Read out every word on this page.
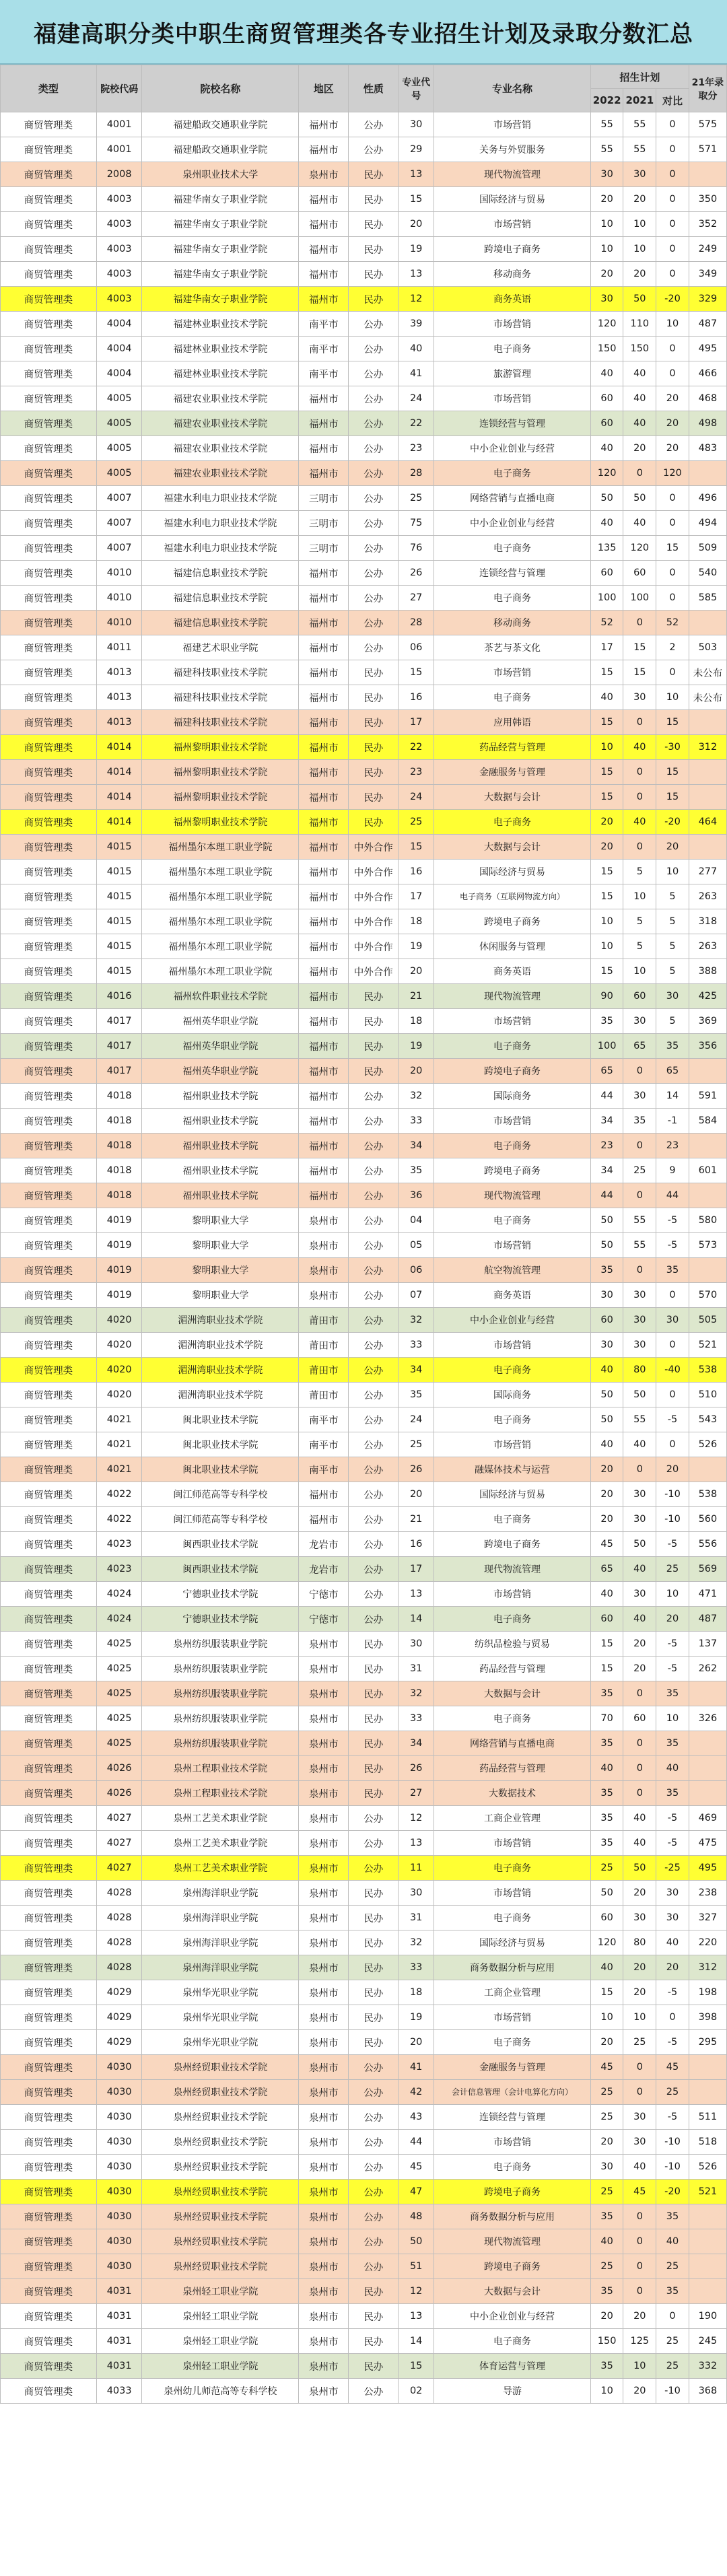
福建高职分类中职生商贸管理类各专业招生计划及录取分数汇总
类型	院校代码	院校名称	地区	性质	专业代号	专业名称	招生计划			21年录取分
							2022	2021	对比	
商贸管理类	4001	福建船政交通职业学院	福州市	公办	30	市场营销	55	55	0	575
商贸管理类	4001	福建船政交通职业学院	福州市	公办	29	关务与外贸服务	55	55	0	571
商贸管理类	2008	泉州职业技术大学	泉州市	民办	13	现代物流管理	30	30	0	
商贸管理类	4003	福建华南女子职业学院	福州市	民办	15	国际经济与贸易	20	20	0	350
商贸管理类	4003	福建华南女子职业学院	福州市	民办	20	市场营销	10	10	0	352
商贸管理类	4003	福建华南女子职业学院	福州市	民办	19	跨境电子商务	10	10	0	249
商贸管理类	4003	福建华南女子职业学院	福州市	民办	13	移动商务	20	20	0	349
商贸管理类	4003	福建华南女子职业学院	福州市	民办	12	商务英语	30	50	-20	329
商贸管理类	4004	福建林业职业技术学院	南平市	公办	39	市场营销	120	110	10	487
商贸管理类	4004	福建林业职业技术学院	南平市	公办	40	电子商务	150	150	0	495
商贸管理类	4004	福建林业职业技术学院	南平市	公办	41	旅游管理	40	40	0	466
商贸管理类	4005	福建农业职业技术学院	福州市	公办	24	市场营销	60	40	20	468
商贸管理类	4005	福建农业职业技术学院	福州市	公办	22	连锁经营与管理	60	40	20	498
商贸管理类	4005	福建农业职业技术学院	福州市	公办	23	中小企业创业与经营	40	20	20	483
商贸管理类	4005	福建农业职业技术学院	福州市	公办	28	电子商务	120	0	120	
商贸管理类	4007	福建水利电力职业技术学院	三明市	公办	25	网络营销与直播电商	50	50	0	496
商贸管理类	4007	福建水利电力职业技术学院	三明市	公办	75	中小企业创业与经营	40	40	0	494
商贸管理类	4007	福建水利电力职业技术学院	三明市	公办	76	电子商务	135	120	15	509
商贸管理类	4010	福建信息职业技术学院	福州市	公办	26	连锁经营与管理	60	60	0	540
商贸管理类	4010	福建信息职业技术学院	福州市	公办	27	电子商务	100	100	0	585
商贸管理类	4010	福建信息职业技术学院	福州市	公办	28	移动商务	52	0	52	
商贸管理类	4011	福建艺术职业学院	福州市	公办	06	茶艺与茶文化	17	15	2	503
商贸管理类	4013	福建科技职业技术学院	福州市	民办	15	市场营销	15	15	0	未公布
商贸管理类	4013	福建科技职业技术学院	福州市	民办	16	电子商务	40	30	10	未公布
商贸管理类	4013	福建科技职业技术学院	福州市	民办	17	应用韩语	15	0	15	
商贸管理类	4014	福州黎明职业技术学院	福州市	民办	22	药品经营与管理	10	40	-30	312
商贸管理类	4014	福州黎明职业技术学院	福州市	民办	23	金融服务与管理	15	0	15	
商贸管理类	4014	福州黎明职业技术学院	福州市	民办	24	大数据与会计	15	0	15	
商贸管理类	4014	福州黎明职业技术学院	福州市	民办	25	电子商务	20	40	-20	464
商贸管理类	4015	福州墨尔本理工职业学院	福州市	中外合作	15	大数据与会计	20	0	20	
商贸管理类	4015	福州墨尔本理工职业学院	福州市	中外合作	16	国际经济与贸易	15	5	10	277
商贸管理类	4015	福州墨尔本理工职业学院	福州市	中外合作	17	电子商务（互联网物流方向）	15	10	5	263
商贸管理类	4015	福州墨尔本理工职业学院	福州市	中外合作	18	跨境电子商务	10	5	5	318
商贸管理类	4015	福州墨尔本理工职业学院	福州市	中外合作	19	休闲服务与管理	10	5	5	263
商贸管理类	4015	福州墨尔本理工职业学院	福州市	中外合作	20	商务英语	15	10	5	388
商贸管理类	4016	福州软件职业技术学院	福州市	民办	21	现代物流管理	90	60	30	425
商贸管理类	4017	福州英华职业学院	福州市	民办	18	市场营销	35	30	5	369
商贸管理类	4017	福州英华职业学院	福州市	民办	19	电子商务	100	65	35	356
商贸管理类	4017	福州英华职业学院	福州市	民办	20	跨境电子商务	65	0	65	
商贸管理类	4018	福州职业技术学院	福州市	公办	32	国际商务	44	30	14	591
商贸管理类	4018	福州职业技术学院	福州市	公办	33	市场营销	34	35	-1	584
商贸管理类	4018	福州职业技术学院	福州市	公办	34	电子商务	23	0	23	
商贸管理类	4018	福州职业技术学院	福州市	公办	35	跨境电子商务	34	25	9	601
商贸管理类	4018	福州职业技术学院	福州市	公办	36	现代物流管理	44	0	44	
商贸管理类	4019	黎明职业大学	泉州市	公办	04	电子商务	50	55	-5	580
商贸管理类	4019	黎明职业大学	泉州市	公办	05	市场营销	50	55	-5	573
商贸管理类	4019	黎明职业大学	泉州市	公办	06	航空物流管理	35	0	35	
商贸管理类	4019	黎明职业大学	泉州市	公办	07	商务英语	30	30	0	570
商贸管理类	4020	湄洲湾职业技术学院	莆田市	公办	32	中小企业创业与经营	60	30	30	505
商贸管理类	4020	湄洲湾职业技术学院	莆田市	公办	33	市场营销	30	30	0	521
商贸管理类	4020	湄洲湾职业技术学院	莆田市	公办	34	电子商务	40	80	-40	538
商贸管理类	4020	湄洲湾职业技术学院	莆田市	公办	35	国际商务	50	50	0	510
商贸管理类	4021	闽北职业技术学院	南平市	公办	24	电子商务	50	55	-5	543
商贸管理类	4021	闽北职业技术学院	南平市	公办	25	市场营销	40	40	0	526
商贸管理类	4021	闽北职业技术学院	南平市	公办	26	融媒体技术与运营	20	0	20	
商贸管理类	4022	闽江师范高等专科学校	福州市	公办	20	国际经济与贸易	20	30	-10	538
商贸管理类	4022	闽江师范高等专科学校	福州市	公办	21	电子商务	20	30	-10	560
商贸管理类	4023	闽西职业技术学院	龙岩市	公办	16	跨境电子商务	45	50	-5	556
商贸管理类	4023	闽西职业技术学院	龙岩市	公办	17	现代物流管理	65	40	25	569
商贸管理类	4024	宁德职业技术学院	宁德市	公办	13	市场营销	40	30	10	471
商贸管理类	4024	宁德职业技术学院	宁德市	公办	14	电子商务	60	40	20	487
商贸管理类	4025	泉州纺织服装职业学院	泉州市	民办	30	纺织品检验与贸易	15	20	-5	137
商贸管理类	4025	泉州纺织服装职业学院	泉州市	民办	31	药品经营与管理	15	20	-5	262
商贸管理类	4025	泉州纺织服装职业学院	泉州市	民办	32	大数据与会计	35	0	35	
商贸管理类	4025	泉州纺织服装职业学院	泉州市	民办	33	电子商务	70	60	10	326
商贸管理类	4025	泉州纺织服装职业学院	泉州市	民办	34	网络营销与直播电商	35	0	35	
商贸管理类	4026	泉州工程职业技术学院	泉州市	民办	26	药品经营与管理	40	0	40	
商贸管理类	4026	泉州工程职业技术学院	泉州市	民办	27	大数据技术	35	0	35	
商贸管理类	4027	泉州工艺美术职业学院	泉州市	公办	12	工商企业管理	35	40	-5	469
商贸管理类	4027	泉州工艺美术职业学院	泉州市	公办	13	市场营销	35	40	-5	475
商贸管理类	4027	泉州工艺美术职业学院	泉州市	公办	11	电子商务	25	50	-25	495
商贸管理类	4028	泉州海洋职业学院	泉州市	民办	30	市场营销	50	20	30	238
商贸管理类	4028	泉州海洋职业学院	泉州市	民办	31	电子商务	60	30	30	327
商贸管理类	4028	泉州海洋职业学院	泉州市	民办	32	国际经济与贸易	120	80	40	220
商贸管理类	4028	泉州海洋职业学院	泉州市	民办	33	商务数据分析与应用	40	20	20	312
商贸管理类	4029	泉州华光职业学院	泉州市	民办	18	工商企业管理	15	20	-5	198
商贸管理类	4029	泉州华光职业学院	泉州市	民办	19	市场营销	10	10	0	398
商贸管理类	4029	泉州华光职业学院	泉州市	民办	20	电子商务	20	25	-5	295
商贸管理类	4030	泉州经贸职业技术学院	泉州市	公办	41	金融服务与管理	45	0	45	
商贸管理类	4030	泉州经贸职业技术学院	泉州市	公办	42	会计信息管理（会计电算化方向）	25	0	25	
商贸管理类	4030	泉州经贸职业技术学院	泉州市	公办	43	连锁经营与管理	25	30	-5	511
商贸管理类	4030	泉州经贸职业技术学院	泉州市	公办	44	市场营销	20	30	-10	518
商贸管理类	4030	泉州经贸职业技术学院	泉州市	公办	45	电子商务	30	40	-10	526
商贸管理类	4030	泉州经贸职业技术学院	泉州市	公办	47	跨境电子商务	25	45	-20	521
商贸管理类	4030	泉州经贸职业技术学院	泉州市	公办	48	商务数据分析与应用	35	0	35	
商贸管理类	4030	泉州经贸职业技术学院	泉州市	公办	50	现代物流管理	40	0	40	
商贸管理类	4030	泉州经贸职业技术学院	泉州市	公办	51	跨境电子商务	25	0	25	
商贸管理类	4031	泉州轻工职业学院	泉州市	民办	12	大数据与会计	35	0	35	
商贸管理类	4031	泉州轻工职业学院	泉州市	民办	13	中小企业创业与经营	20	20	0	190
商贸管理类	4031	泉州轻工职业学院	泉州市	民办	14	电子商务	150	125	25	245
商贸管理类	4031	泉州轻工职业学院	泉州市	民办	15	体育运营与管理	35	10	25	332
商贸管理类	4033	泉州幼儿师范高等专科学校	泉州市	公办	02	导游	10	20	-10	368
